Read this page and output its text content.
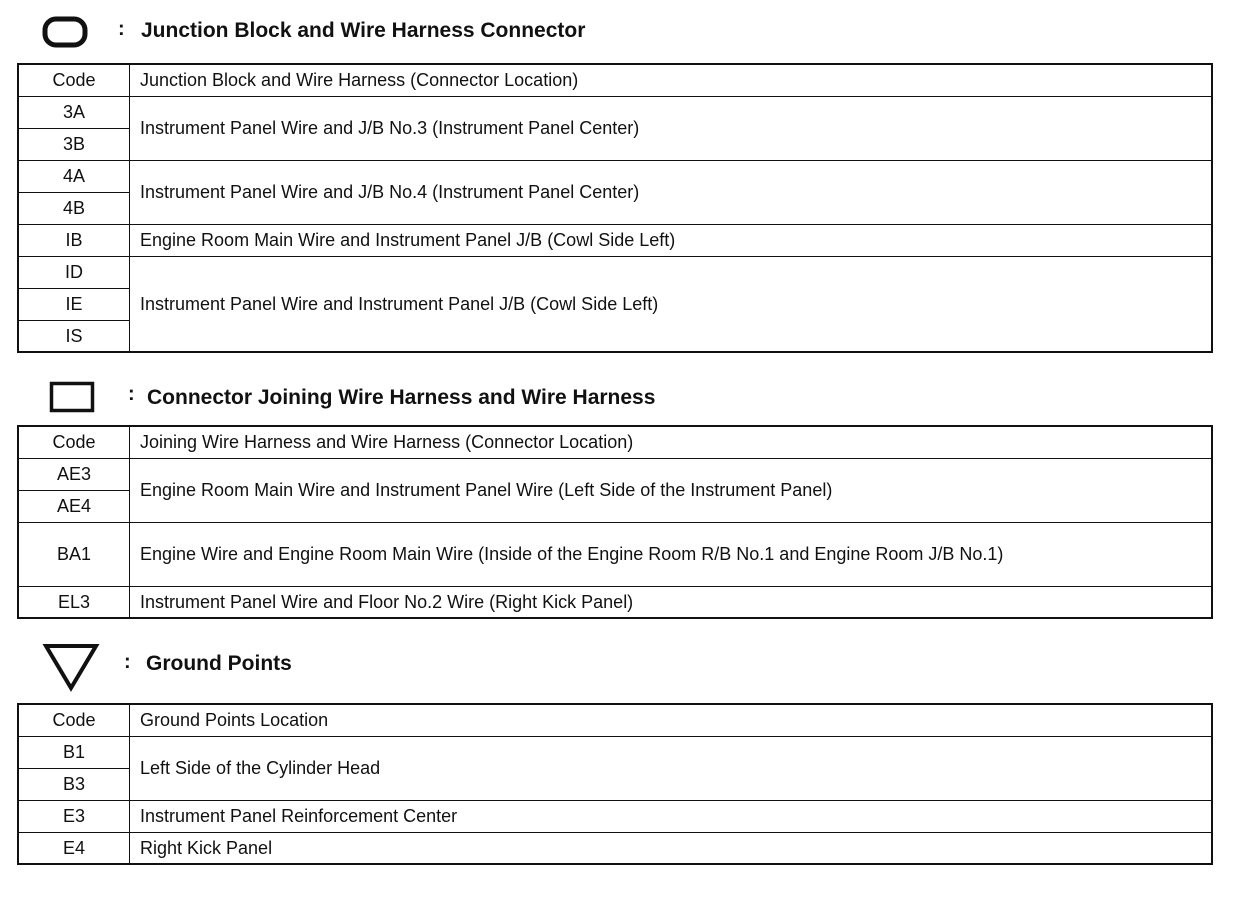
: Junction Block and Wire Harness Connector
Code	Junction Block and Wire Harness (Connector Location)
3A	Instrument Panel Wire and J/B No.3 (Instrument Panel Center)
3B	
4A	Instrument Panel Wire and J/B No.4 (Instrument Panel Center)
4B	
IB	Engine Room Main Wire and Instrument Panel J/B (Cowl Side Left)
ID	Instrument Panel Wire and Instrument Panel J/B (Cowl Side Left)
IE	
IS	
: Connector Joining Wire Harness and Wire Harness
Code	Joining Wire Harness and Wire Harness (Connector Location)
AE3	Engine Room Main Wire and Instrument Panel Wire (Left Side of the Instrument Panel)
AE4	
BA1	Engine Wire and Engine Room Main Wire (Inside of the Engine Room R/B No.1 and Engine Room J/B No.1)
EL3	Instrument Panel Wire and Floor No.2 Wire (Right Kick Panel)
: Ground Points
Code	Ground Points Location
B1	Left Side of the Cylinder Head
B3	
E3	Instrument Panel Reinforcement Center
E4	Right Kick Panel
